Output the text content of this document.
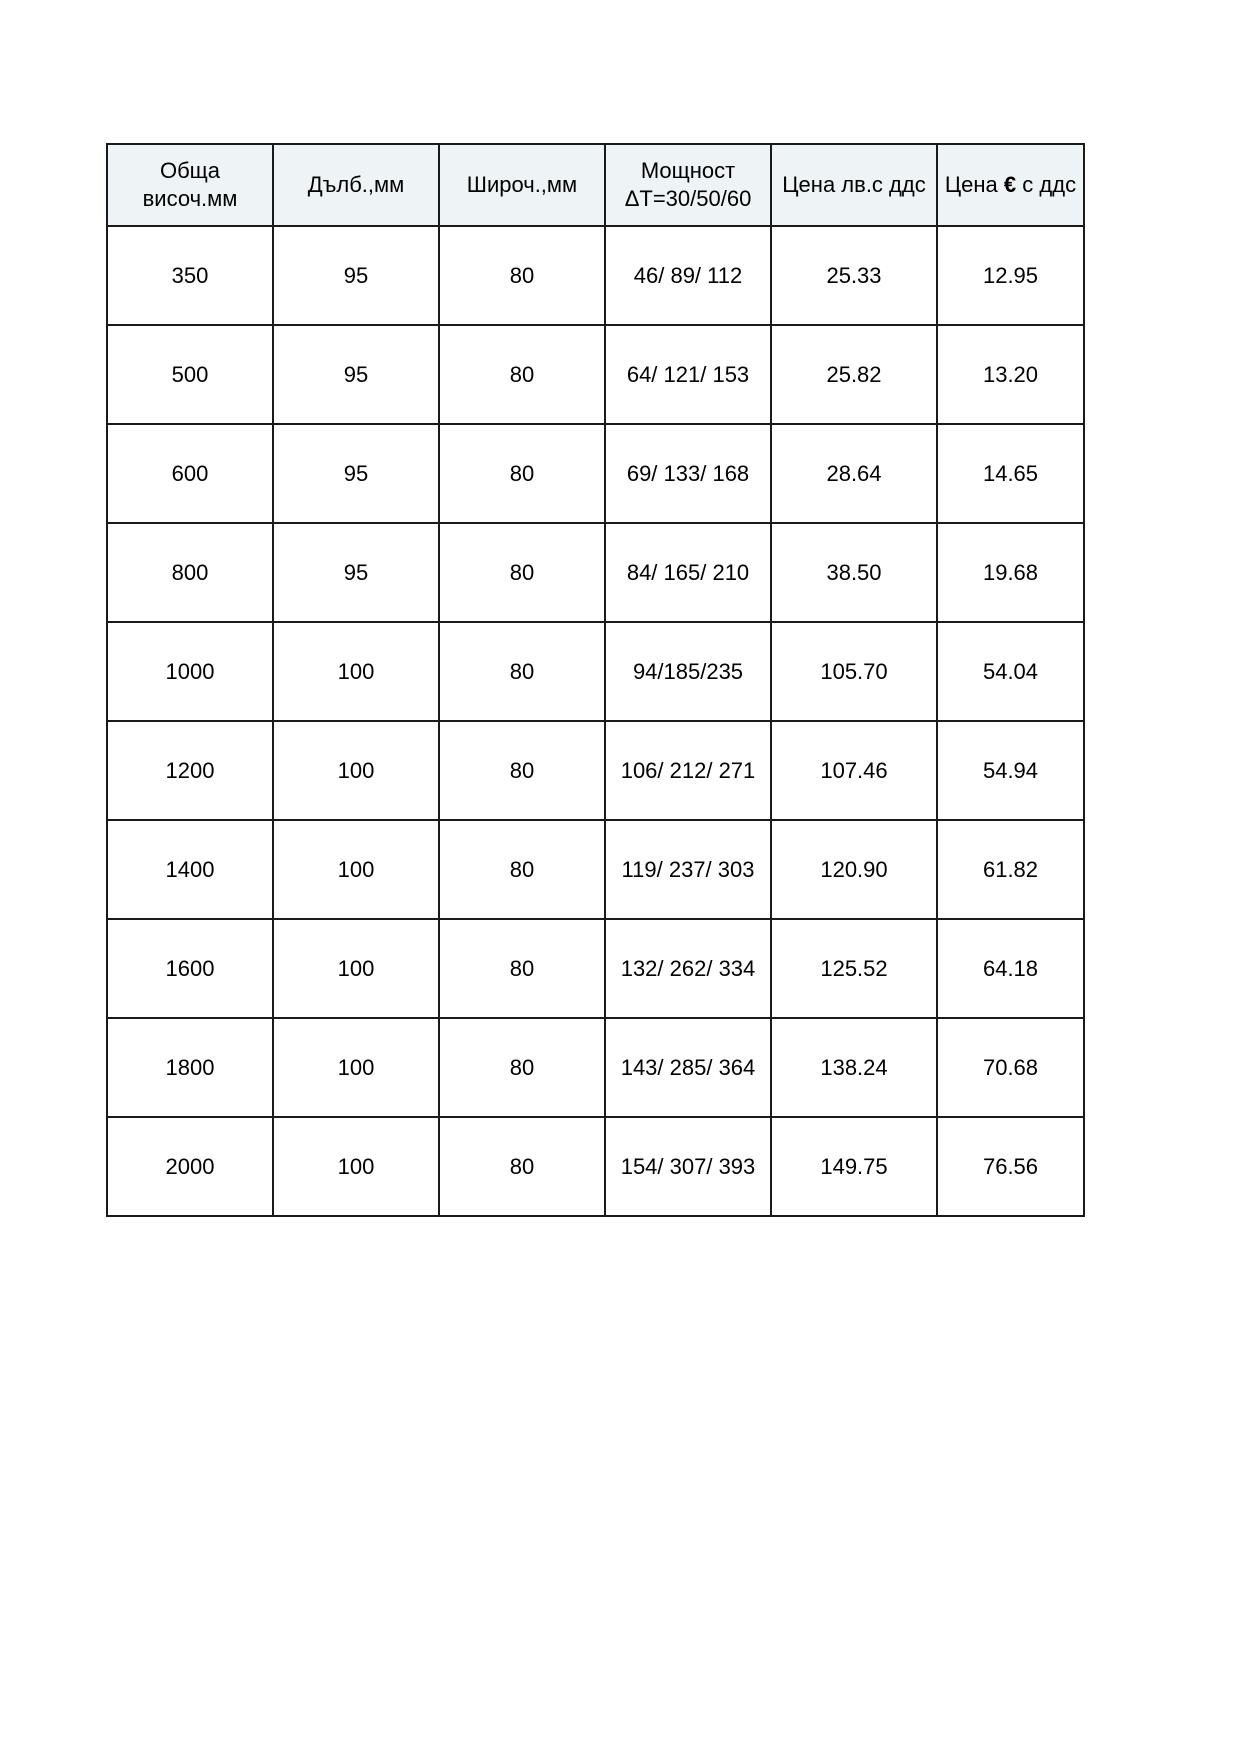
Обща височ.мм	Дълб.,мм	Широч.,мм	Мощност ΔT=30/50/60	Цена лв.с ддс	Цена € с ддс
350	95	80	46/ 89/ 112	25.33	12.95
500	95	80	64/ 121/ 153	25.82	13.20
600	95	80	69/ 133/ 168	28.64	14.65
800	95	80	84/ 165/ 210	38.50	19.68
1000	100	80	94/185/235	105.70	54.04
1200	100	80	106/ 212/ 271	107.46	54.94
1400	100	80	119/ 237/ 303	120.90	61.82
1600	100	80	132/ 262/ 334	125.52	64.18
1800	100	80	143/ 285/ 364	138.24	70.68
2000	100	80	154/ 307/ 393	149.75	76.56
